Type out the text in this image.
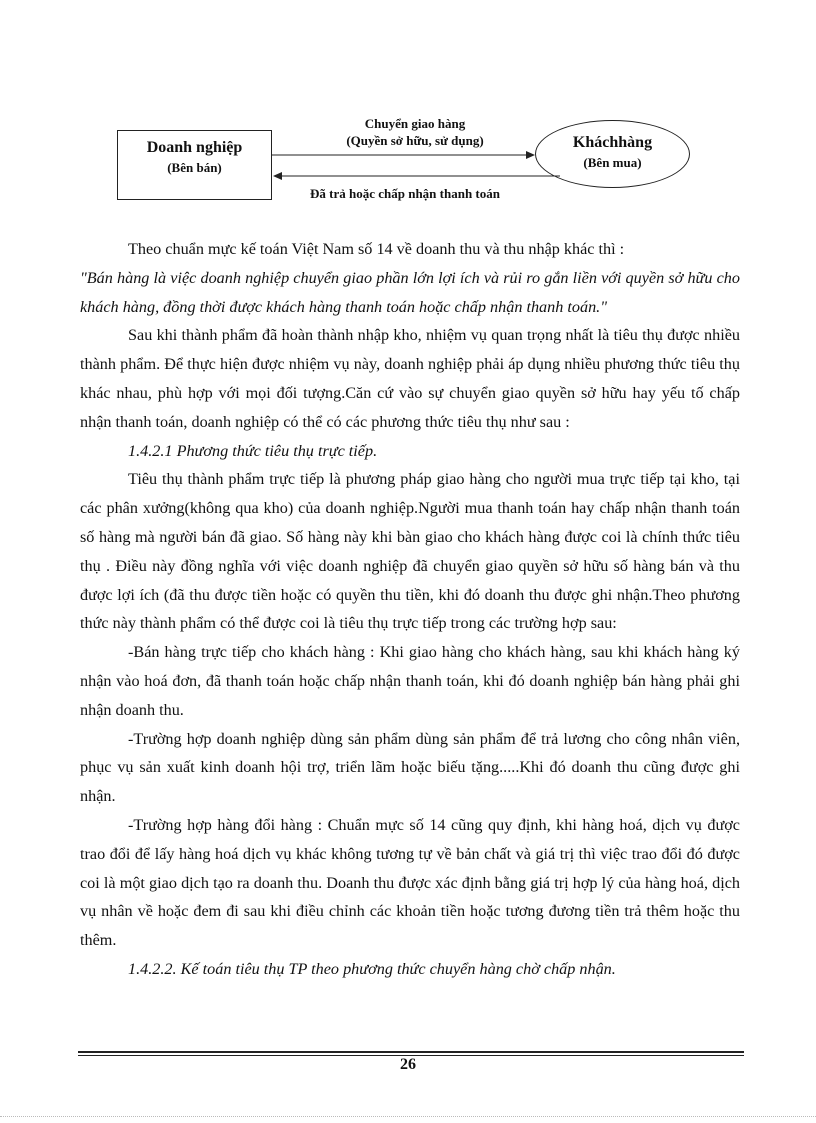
Doanh nghiệp
(Bên bán)
Kháchhàng
(Bên mua)
Chuyển giao hàng
(Quyền sở hữu, sử dụng)
Đã trả hoặc chấp nhận thanh toán

Theo chuẩn mực kế toán Việt Nam số 14 về doanh thu và thu nhập khác thì :

"Bán hàng là việc doanh nghiệp chuyển giao phần lớn lợi ích và rủi ro gắn liền với quyền sở hữu cho khách hàng, đồng thời được khách hàng thanh toán hoặc chấp nhận thanh toán."

Sau khi thành phẩm đã hoàn thành nhập kho, nhiệm vụ quan trọng nhất là tiêu thụ được nhiều thành phẩm. Để thực hiện được nhiệm vụ này, doanh nghiệp phải áp dụng nhiều phương thức tiêu thụ khác nhau, phù hợp với mọi đối tượng.Căn cứ vào sự chuyển giao quyền sở hữu hay yếu tố chấp nhận thanh toán, doanh nghiệp có thể có các phương thức tiêu thụ như sau :

1.4.2.1 Phương thức tiêu thụ trực tiếp.

Tiêu thụ thành phẩm trực tiếp là phương pháp giao hàng cho người mua trực tiếp tại kho, tại các phân xưởng(không qua kho) của doanh nghiệp.Người mua thanh toán hay chấp nhận thanh toán số hàng mà người bán đã giao. Số hàng này khi bàn giao cho khách hàng được coi là chính thức tiêu thụ . Điều này đồng nghĩa với việc doanh nghiệp đã chuyển giao quyền sở hữu số hàng bán và thu được lợi ích (đã thu được tiền hoặc có quyền thu tiền, khi đó doanh thu được ghi nhận.Theo phương thức này thành phẩm có thể được coi là tiêu thụ trực tiếp trong các trường hợp sau:

-Bán hàng trực tiếp cho khách hàng : Khi giao hàng cho khách hàng, sau khi khách hàng ký nhận vào hoá đơn, đã thanh toán hoặc chấp nhận thanh toán, khi đó doanh nghiệp bán hàng phải ghi nhận doanh thu.

-Trường hợp doanh nghiệp dùng sản phẩm dùng sản phẩm để trả lương cho công nhân viên, phục vụ sản xuất kinh doanh hội trợ, triển lãm hoặc biếu tặng.....Khi đó doanh thu cũng được ghi nhận.

-Trường hợp hàng đổi hàng : Chuẩn mực số 14 cũng quy định, khi hàng hoá, dịch vụ được trao đổi để lấy hàng hoá dịch vụ khác không tương tự về bản chất và giá trị thì việc trao đổi đó được coi là một giao dịch tạo ra doanh thu. Doanh thu được xác định bằng giá trị hợp lý của hàng hoá, dịch vụ nhân về hoặc đem đi sau khi điều chỉnh các khoản tiền hoặc tương đương tiền trả thêm hoặc thu thêm.

1.4.2.2. Kế toán tiêu thụ TP theo phương thức chuyển hàng chờ chấp nhận.

26
